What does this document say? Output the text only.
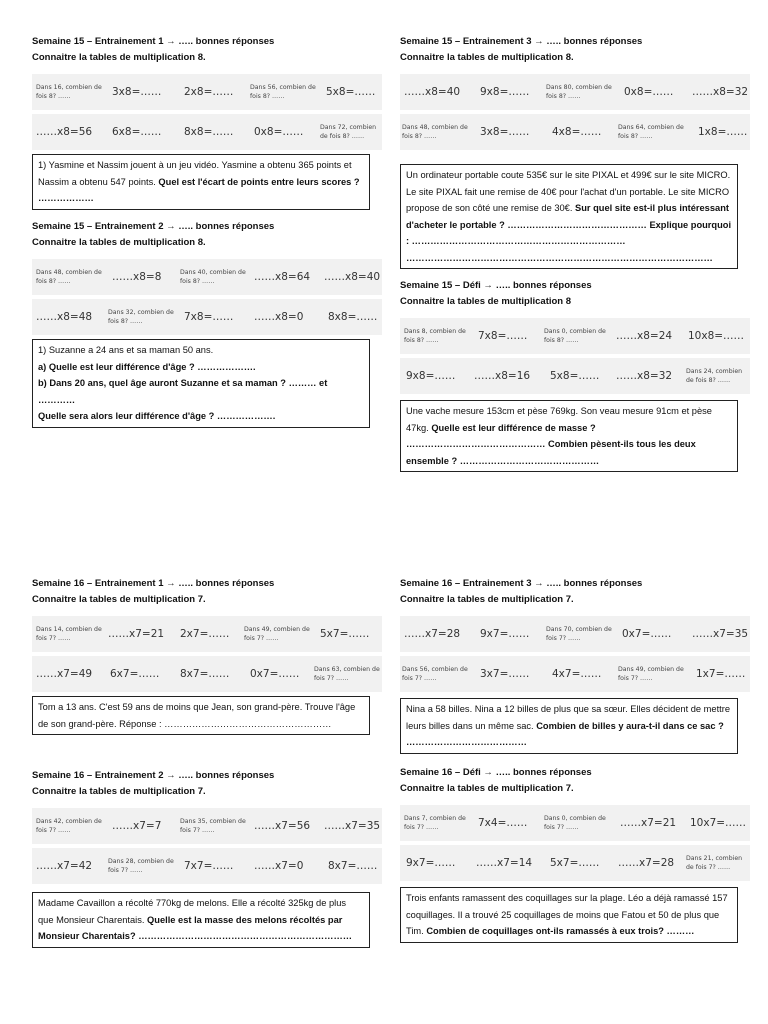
Semaine 15 – Entrainement 1 → ….. bonnes réponses
Connaitre la tables de multiplication 8.
Dans 16, combien de fois 8? ……	3x8=…… 2x8=……	Dans 56, combien de fois 8? ……	5x8=……
……x8=56 6x8=…… 8x8=…… 0x8=……	Dans 72, combien de fois 8? ……
1) Yasmine et Nassim jouent à un jeu vidéo. Yasmine a obtenu 365 points et Nassim a obtenu 547 points. Quel est l'écart de points entre leurs scores ? ………………
Semaine 15 – Entrainement 2 → ….. bonnes réponses
Connaitre la tables de multiplication 8.
Dans 48, combien de fois 8? ……	……x8=8	Dans 40, combien de fois 8? ……	……x8=64 ……x8=40
……x8=48	Dans 32, combien de fois 8? ……	7x8=…… ……x8=0 8x8=……
1) Suzanne a 24 ans et sa maman 50 ans.
a) Quelle est leur différence d'âge ? ……………….
b) Dans 20 ans, quel âge auront Suzanne et sa maman ? ……… et …………
Quelle sera alors leur différence d'âge ? ……………….
Semaine 15 – Entrainement 3 → ….. bonnes réponses
Connaitre la tables de multiplication 8.
……x8=40 9x8=……	Dans 80, combien de fois 8? ……	0x8=…… ……x8=32
Dans 48, combien de fois 8? ……	3x8=…… 4x8=……	Dans 64, combien de fois 8? ……	1x8=……
Un ordinateur portable coute 535€ sur le site PIXAL et 499€ sur le site MICRO. Le site PIXAL fait une remise de 40€ pour l'achat d'un portable. Le site MICRO propose de son côté une remise de 30€. Sur quel site est-il plus intéressant d'acheter le portable ? ……………………………………… Explique pourquoi : …………………………………………………………… ………………………………………………………………………………………
Semaine 15 – Défi → ….. bonnes réponses
Connaitre la tables de multiplication 8
Dans 8, combien de fois 8? ……	7x8=……	Dans 0, combien de fois 8? ……	……x8=24 10x8=……
9x8=…… ……x8=16 5x8=…… ……x8=32 Dans 24, combien de fois 8? ……
Une vache mesure 153cm et pèse 769kg. Son veau mesure 91cm et pèse 47kg. Quelle est leur différence de masse ? ……………………………………… Combien pèsent-ils tous les deux ensemble ? ………………………………………
Semaine 16 – Entrainement 1 → ….. bonnes réponses
Connaitre la tables de multiplication 7.
Dans 14, combien de fois 7? ……	……x7=21 2x7=…… Dans 49, combien de fois 7? ……	5x7=……
……x7=49 6x7=…… 8x7=…… 0x7=…… Dans 63, combien de fois 7? ……
Tom a 13 ans. C'est 59 ans de moins que Jean, son grand-père. Trouve l'âge de son grand-père. Réponse : ………………………………………………
Semaine 16 – Entrainement 2 → ….. bonnes réponses
Connaitre la tables de multiplication 7.
Dans 42, combien de fois 7? ……	……x7=7	Dans 35, combien de fois 7? ……	……x7=56 ……x7=35
……x7=42	Dans 28, combien de fois 7? ……	7x7=…… ……x7=0 8x7=……
Madame Cavaillon a récolté 770kg de melons. Elle a récolté 325kg de plus que Monsieur Charentais. Quelle est la masse des melons récoltés par Monsieur Charentais? ……………………………………………………………
Semaine 16 – Entrainement 3 → ….. bonnes réponses
Connaitre la tables de multiplication 7.
……x7=28 9x7=……	Dans 70, combien de fois 7? ……	0x7=…… ……x7=35
Dans 56, combien de fois 7? ……	3x7=…… 4x7=……	Dans 49, combien de fois 7? ……	1x7=……
Nina a 58 billes. Nina a 12 billes de plus que sa sœur. Elles décident de mettre leurs billes dans un même sac. Combien de billes y aura-t-il dans ce sac ? …………………………………
Semaine 16 – Défi → ….. bonnes réponses
Connaitre la tables de multiplication 7.
Dans 7, combien de fois 7? ……	7x4=……	Dans 0, combien de fois 7? ……	……x7=21 10x7=……
9x7=…… ……x7=14 5x7=…… ……x7=28 Dans 21, combien de fois 7? ……
Trois enfants ramassent des coquillages sur la plage. Léo a déjà ramassé 157 coquillages. Il a trouvé 25 coquillages de moins que Fatou et 50 de plus que Tim. Combien de coquillages ont-ils ramassés à eux trois? ………
